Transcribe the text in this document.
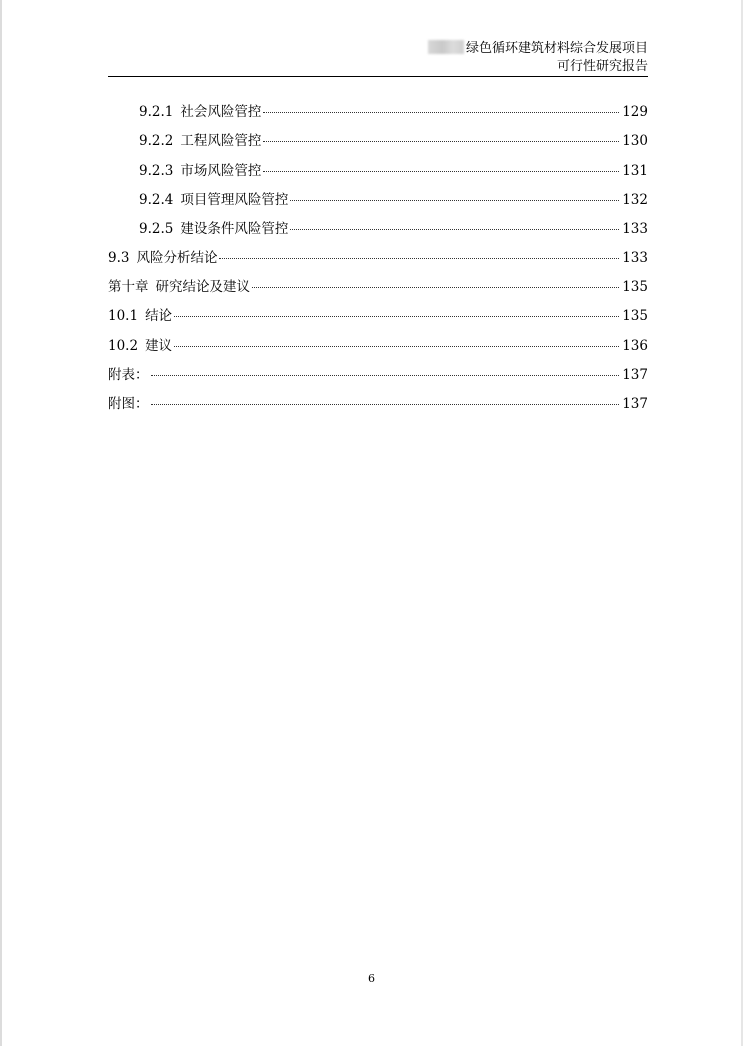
绿色循环建筑材料综合发展项目
可行性研究报告
9.2.1 社会风险管控	129
9.2.2 工程风险管控	130
9.2.3 市场风险管控	131
9.2.4 项目管理风险管控	132
9.2.5 建设条件风险管控	133
9.3 风险分析结论	133
第十章 研究结论及建议	135
10.1 结论	135
10.2 建议	136
附表：	137
附图：	137
6
